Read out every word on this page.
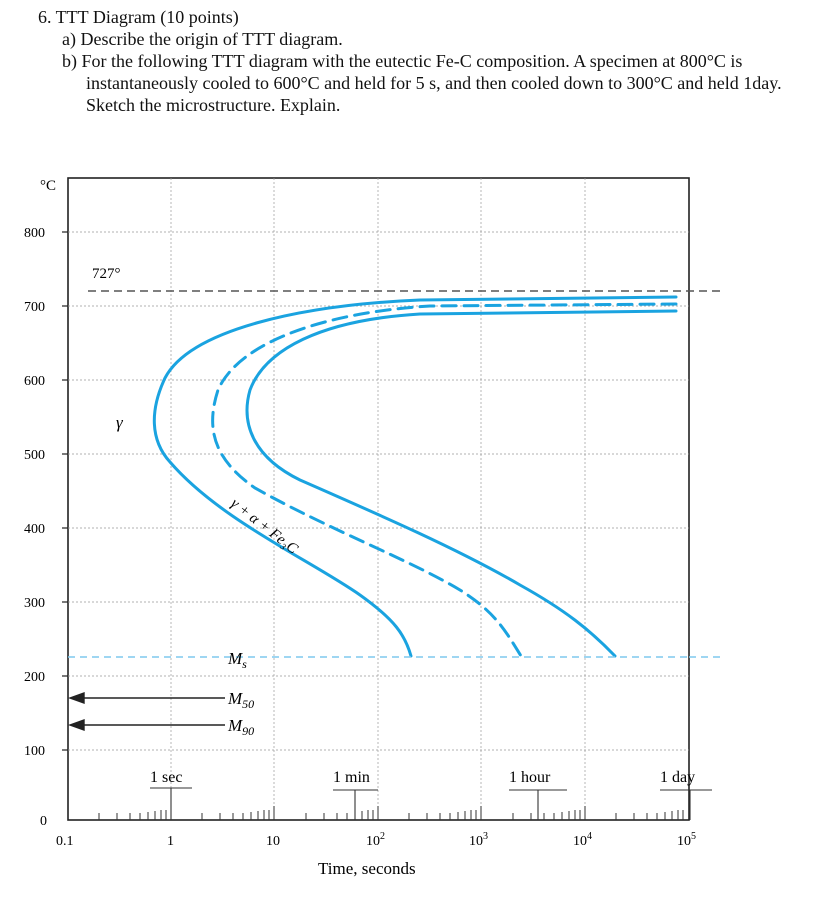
6. TTT Diagram (10 points)

a) Describe the origin of TTT diagram.

b) For the following TTT diagram with the eutectic Fe-C composition. A specimen at 800°C is instantaneously cooled to 600°C and held for 5 s, and then cooled down to 300°C and held 1day. Sketch the microstructure. Explain.

°C
800
700
600
500
400
300
200
100
0
1 sec	1 min	1 hour	1 day
0.1	1	10	$10^2$	$10^3$	$10^4$	$10^5$
Time, seconds
727°
$M_s$
$M_{50}$
$M_{90}$
γ
γ + α + Fe₃C
